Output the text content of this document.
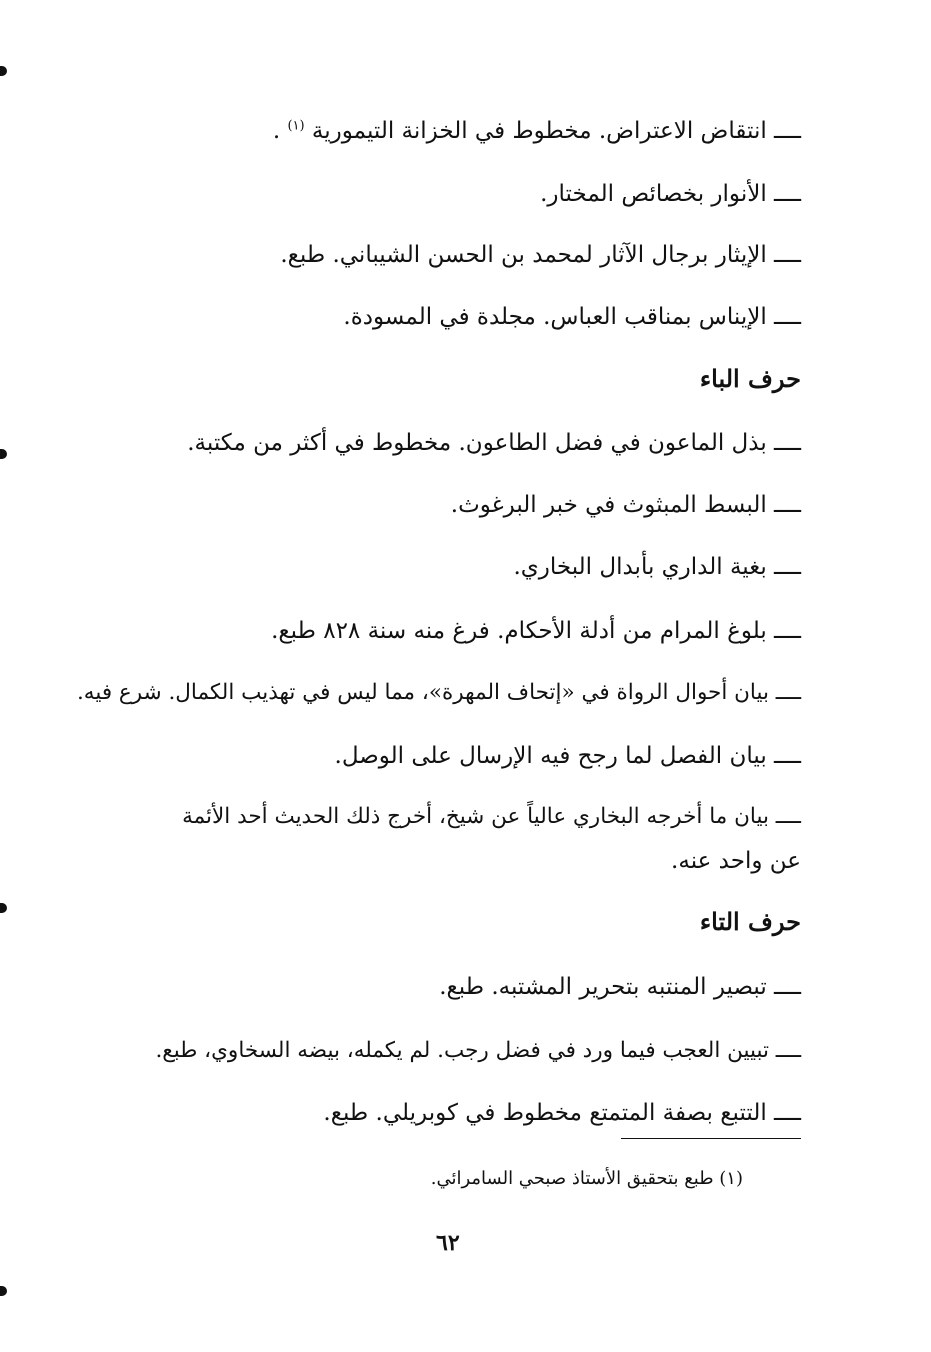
ــــ انتقاض الاعتراض. مخطوط في الخزانة التيمورية $^{(١)}$ .
ــــ الأنوار بخصائص المختار.
ــــ الإيثار برجال الآثار لمحمد بن الحسن الشيباني. طبع.
ــــ الإيناس بمناقب العباس. مجلدة في المسودة.
حرف الباء
ــــ بذل الماعون في فضل الطاعون. مخطوط في أكثر من مكتبة.
ــــ البسط المبثوث في خبر البرغوث.
ــــ بغية الداري بأبدال البخاري.
ــــ بلوغ المرام من أدلة الأحكام. فرغ منه سنة ٨٢٨ طبع.
ــــ بيان أحوال الرواة في «إتحاف المهرة»، مما ليس في تهذيب الكمال. شرع فيه.
ــــ بيان الفصل لما رجح فيه الإرسال على الوصل.
ــــ بيان ما أخرجه البخاري عالياً عن شيخ، أخرج ذلك الحديث أحد الأئمة
عن واحد عنه.
حرف التاء
ــــ تبصير المنتبه بتحرير المشتبه. طبع.
ــــ تبيين العجب فيما ورد في فضل رجب. لم يكمله، بيضه السخاوي، طبع.
ــــ التتبع بصفة المتمتع مخطوط في كوبريلي. طبع.
(١) طبع بتحقيق الأستاذ صبحي السامرائي.
٦٢
